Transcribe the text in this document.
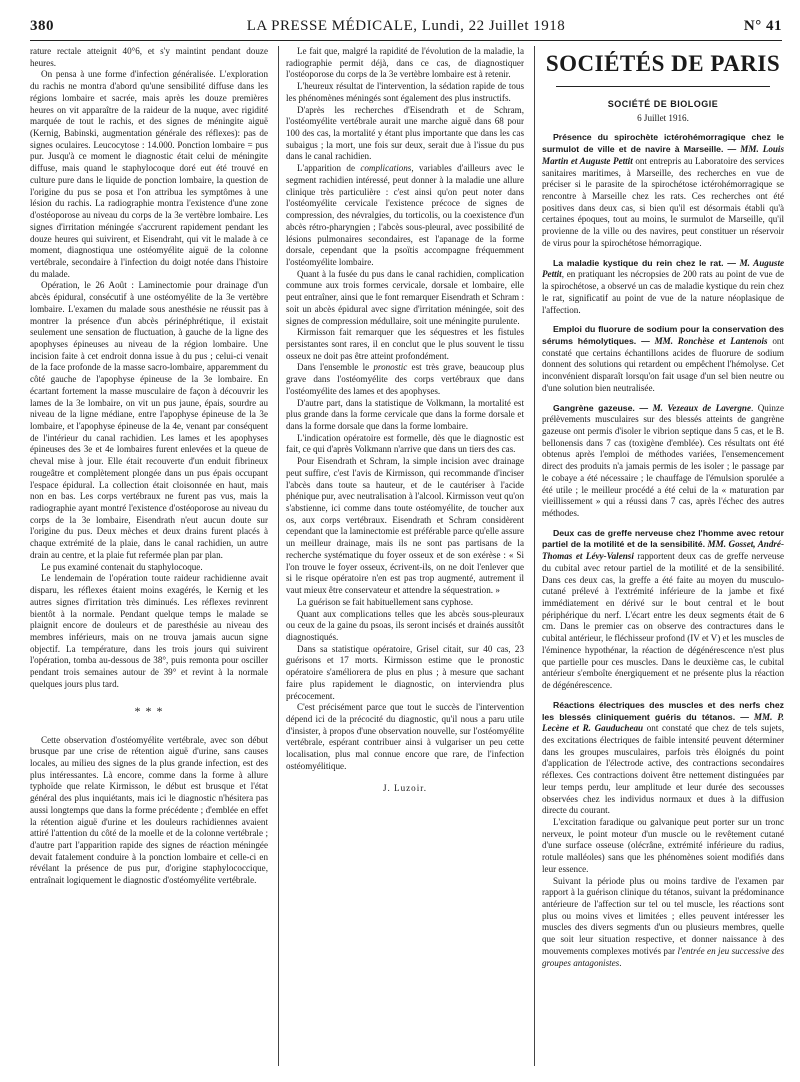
380	LA PRESSE MÉDICALE, Lundi, 22 Juillet 1918	N° 41

rature rectale atteignit 40°6, et s'y maintint pendant douze heures.

On pensa à une forme d'infection généralisée. L'exploration du rachis ne montra d'abord qu'une sensibilité diffuse dans les régions lombaire et sacrée, mais après les douze premières heures on vit apparaître de la raideur de la nuque, avec rigidité marquée de tout le rachis, et des signes de méningite aiguë (Kernig, Babinski, augmentation générale des réflexes): pas de signes oculaires. Leucocytose : 14.000. Ponction lombaire = pus pur. Jusqu'à ce moment le diagnostic était celui de méningite diffuse, mais quand le staphylocoque doré eut été trouvé en culture pure dans le liquide de ponction lombaire, la question de l'origine du pus se posa et l'on attribua les symptômes à une lésion du rachis. La radiographie montra l'existence d'une zone d'ostéoporose au niveau du corps de la 3e vertèbre lombaire. Les signes d'irritation méningée s'accrurent rapidement pendant les douze heures qui suivirent, et Eisendraht, qui vit le malade à ce moment, diagnostiqua une ostéomyélite aiguë de la colonne vertébrale, secondaire à l'infection du doigt notée dans l'histoire du malade.

Opération, le 26 Août : Laminectomie pour drainage d'un abcès épidural, consécutif à une ostéomyélite de la 3e vertèbre lombaire. L'examen du malade sous anesthésie ne réussit pas à montrer la présence d'un abcès périnéphrétique, il existait seulement une sensation de fluctuation, à gauche de la ligne des apophyses épineuses au niveau de la région lombaire. Une incision faite à cet endroit donna issue à du pus ; celui-ci venait de la face profonde de la masse sacro-lombaire, apparemment du côté gauche de l'apophyse épineuse de la 3e lombaire. En écartant fortement la masse musculaire de façon à découvrir les lames de la 3e lombaire, on vit un pus jaune, épais, sourdre au niveau de la ligne médiane, entre l'apophyse épineuse de la 3e lombaire, et l'apophyse épineuse de la 4e, venant par conséquent de l'intérieur du canal rachidien. Les lames et les apophyses épineuses des 3e et 4e lombaires furent enlevées et la queue de cheval mise à jour. Elle était recouverte d'un enduit fibrineux rougeâtre et complètement plongée dans un pus épais occupant l'espace épidural. La collection était cloisonnée en haut, mais non en bas. Les corps vertébraux ne furent pas vus, mais la radiographie ayant montré l'existence d'ostéoporose au niveau du corps de la 3e lombaire, Eisendrath n'eut aucun doute sur l'origine du pus. Deux mèches et deux drains furent placés à chaque extrémité de la plaie, dans le canal rachidien, un autre drain au centre, et la plaie fut refermée plan par plan.

Le pus examiné contenait du staphylocoque.

Le lendemain de l'opération toute raideur rachidienne avait disparu, les réflexes étaient moins exagérés, le Kernig et les autres signes d'irritation très diminués. Les réflexes revinrent bientôt à la normale. Pendant quelque temps le malade se plaignit encore de douleurs et de paresthésie au niveau des membres inférieurs, mais on ne trouva jamais aucun signe objectif. La température, dans les trois jours qui suivirent l'opération, tomba au-dessous de 38°, puis remonta pour osciller pendant trois semaines autour de 39° et revint à la normale quelques jours plus tard.

* * *

Cette observation d'ostéomyélite vertébrale, avec son début brusque par une crise de rétention aiguë d'urine, sans causes locales, au milieu des signes de la plus grande infection, est des plus intéressantes. Là encore, comme dans la forme à allure typhoïde que relate Kirmisson, le début est brusque et l'état général des plus inquiétants, mais ici le diagnostic n'hésitera pas aussi longtemps que dans la forme précédente ; d'emblée en effet la rétention aiguë d'urine et les douleurs rachidiennes avaient attiré l'attention du côté de la moelle et de la colonne vertébrale ; d'autre part l'apparition rapide des signes de réaction méningée devait fatalement conduire à la ponction lombaire et celle-ci en révélant la présence de pus pur, d'origine staphylococcique, entraînait logiquement le diagnostic d'ostéomyélite vertébrale.

Le fait que, malgré la rapidité de l'évolution de la maladie, la radiographie permit déjà, dans ce cas, de diagnostiquer l'ostéoporose du corps de la 3e vertèbre lombaire est à retenir.

L'heureux résultat de l'intervention, la sédation rapide de tous les phénomènes méningés sont également des plus instructifs.

D'après les recherches d'Eisendrath et de Schram, l'ostéomyélite vertébrale aurait une marche aiguë dans 68 pour 100 des cas, la mortalité y étant plus importante que dans les cas subaigus ; la mort, une fois sur deux, serait due à l'issue du pus dans le canal rachidien.

L'apparition de complications, variables d'ailleurs avec le segment rachidien intéressé, peut donner à la maladie une allure clinique très particulière : c'est ainsi qu'on peut noter dans l'ostéomyélite cervicale l'existence précoce de signes de compression, des névralgies, du torticolis, ou la coexistence d'un abcès rétro-pharyngien ; l'abcès sous-pleural, avec possibilité de lésions pulmonaires secondaires, est l'apanage de la forme dorsale, cependant que la psoïtis accompagne fréquemment l'ostéomyélite lombaire.

Quant à la fusée du pus dans le canal rachidien, complication commune aux trois formes cervicale, dorsale et lombaire, elle peut entraîner, ainsi que le font remarquer Eisendrath et Schram : soit un abcès épidural avec signe d'irritation méningée, soit des signes de compression médullaire, soit une méningite purulente.

Kirmisson fait remarquer que les séquestres et les fistules persistantes sont rares, il en conclut que le plus souvent le tissu osseux ne doit pas être atteint profondément.

Dans l'ensemble le pronostic est très grave, beaucoup plus grave dans l'ostéomyélite des corps vertébraux que dans l'ostéomyélite des lames et des apophyses.

D'autre part, dans la statistique de Volkmann, la mortalité est plus grande dans la forme cervicale que dans la forme dorsale et dans la forme dorsale que dans la forme lombaire.

L'indication opératoire est formelle, dès que le diagnostic est fait, ce qui d'après Volkmann n'arrive que dans un tiers des cas.

Pour Eisendrath et Schram, la simple incision avec drainage peut suffire, c'est l'avis de Kirmisson, qui recommande d'inciser l'abcès dans toute sa hauteur, et de le cautériser à l'acide phénique pur, avec neutralisation à l'alcool. Kirmisson veut qu'on s'abstienne, ici comme dans toute ostéomyélite, de toucher aux os, aux corps vertébraux. Eisendrath et Schram considèrent cependant que la laminectomie est préférable parce qu'elle assure un meilleur drainage, mais ils ne sont pas partisans de la recherche systématique du foyer osseux et de son exérèse : « Si l'on trouve le foyer osseux, écrivent-ils, on ne doit l'enlever que si le risque opératoire n'en est pas trop augmenté, autrement il vaut mieux être conservateur et attendre la séquestration. »

La guérison se fait habituellement sans cyphose.

Quant aux complications telles que les abcès sous-pleuraux ou ceux de la gaine du psoas, ils seront incisés et drainés aussitôt diagnostiqués.

Dans sa statistique opératoire, Grisel citait, sur 40 cas, 23 guérisons et 17 morts. Kirmisson estime que le pronostic opératoire s'améliorera de plus en plus ; à mesure que sachant faire plus rapidement le diagnostic, on interviendra plus précocement.

C'est précisément parce que tout le succès de l'intervention dépend ici de la précocité du diagnostic, qu'il nous a paru utile d'insister, à propos d'une observation nouvelle, sur l'ostéomyélite vertébrale, espérant contribuer ainsi à vulgariser un peu cette localisation, plus mal connue encore que rare, de l'infection ostéomyélitique.

J. Luzoir.
SOCIÉTÉS DE PARIS
SOCIÉTÉ DE BIOLOGIE
6 Juillet 1916.

Présence du spirochète ictérohémorragique chez le surmulot de ville et de navire à Marseille. — MM. Louis Martin et Auguste Pettit ont entrepris au Laboratoire des services sanitaires maritimes, à Marseille, des recherches en vue de préciser si le parasite de la spirochétose ictérohémorragique se rencontre à Marseille chez les rats. Ces recherches ont été positives dans deux cas, si bien qu'il est désormais établi qu'à certaines époques, tout au moins, le surmulot de Marseille, qu'il provienne de la ville ou des navires, peut constituer un réservoir de virus pour la spirochétose hémorragique.

La maladie kystique du rein chez le rat. — M. Auguste Pettit, en pratiquant les nécropsies de 200 rats au point de vue de la spirochétose, a observé un cas de maladie kystique du rein chez le rat, significatif au point de vue de la nature néoplasique de l'affection.

Emploi du fluorure de sodium pour la conservation des sérums hémolytiques. — MM. Ronchèse et Lantenois ont constaté que certains échantillons acides de fluorure de sodium donnent des solutions qui retardent ou empêchent l'hémolyse. Cet inconvénient disparaît lorsqu'on fait usage d'un sel bien neutre ou d'une solution bien neutralisée.

Gangrène gazeuse. — M. Vezeaux de Lavergne. Quinze prélèvements musculaires sur des blessés atteints de gangrène gazeuse ont permis d'isoler le vibrion septique dans 5 cas, et le B. bellonensis dans 7 cas (toxigène d'emblée). Ces résultats ont été obtenus après l'emploi de méthodes variées, l'ensemencement direct des produits n'a jamais permis de les isoler ; le passage par le cobaye a été nécessaire ; le chauffage de l'émulsion sporulée a été utile ; le meilleur procédé a été celui de la « maturation par vieillissement » qui a réussi dans 7 cas, après l'échec des autres méthodes.

Deux cas de greffe nerveuse chez l'homme avec retour partiel de la motilité et de la sensibilité. MM. Gosset, André-Thomas et Lévy-Valensi rapportent deux cas de greffe nerveuse du cubital avec retour partiel de la motilité et de la sensibilité. Dans ces deux cas, la greffe a été faite au moyen du musculo-cutané prélevé à l'extrémité inférieure de la jambe et fixé immédiatement en dérivé sur le bout central et le bout périphérique du nerf. L'écart entre les deux segments était de 6 cm. Dans le premier cas on observe des contractures dans le cubital antérieur, le fléchisseur profond (IV et V) et les muscles de l'éminence hypothénar, la réaction de dégénérescence n'est plus que partielle pour ces muscles. Dans le deuxième cas, le cubital antérieur s'emboîte énergiquement et ne présente plus la réaction de dégénérescence.

Réactions électriques des muscles et des nerfs chez les blessés cliniquement guéris du tétanos. — MM. P. Lecène et R. Gauducheau ont constaté que chez de tels sujets, des excitations électriques de faible intensité peuvent déterminer dans les groupes musculaires, parfois très éloignés du point d'application de l'électrode active, des contractions secondaires réflexes. Ces contractions doivent être nettement distinguées par leur temps perdu, leur amplitude et leur durée des secousses observées chez les individus normaux et dues à la diffusion directe du courant.

L'excitation faradique ou galvanique peut porter sur un tronc nerveux, le point moteur d'un muscle ou le revêtement cutané d'une surface osseuse (olécrâne, extrémité inférieure du radius, rotule malléoles) sans que les phénomènes soient modifiés dans leur essence.

Suivant la période plus ou moins tardive de l'examen par rapport à la guérison clinique du tétanos, suivant la prédominance antérieure de l'affection sur tel ou tel muscle, les réactions sont plus ou moins vives et limitées ; elles peuvent intéresser les muscles des divers segments d'un ou plusieurs membres, quelle que soit leur situation respective, et donner naissance à des mouvements complexes motivés par l'entrée en jeu successive des groupes antagonistes.
